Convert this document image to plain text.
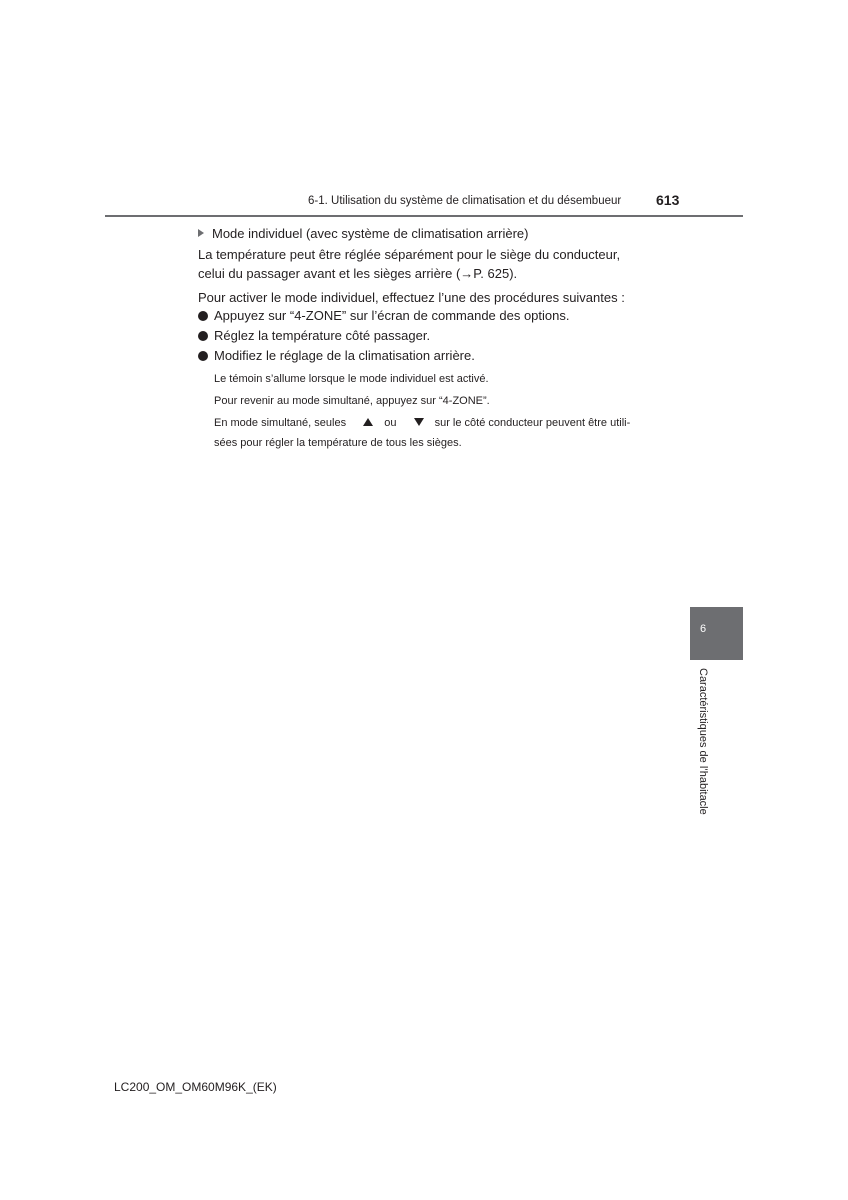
6-1. Utilisation du système de climatisation et du désembueur 613
Mode individuel (avec système de climatisation arrière)
La température peut être réglée séparément pour le siège du conducteur,
celui du passager avant et les sièges arrière (→P. 625).
Pour activer le mode individuel, effectuez l’une des procédures suivantes :
Appuyez sur “4-ZONE” sur l’écran de commande des options.
Réglez la température côté passager.
Modifiez le réglage de la climatisation arrière.
Le témoin s’allume lorsque le mode individuel est activé.
Pour revenir au mode simultané, appuyez sur “4-ZONE”.
En mode simultané, seules	ou	sur le côté conducteur peuvent être utili-
sées pour régler la température de tous les sièges.
6
Caractéristiques de l’habitacle
LC200_OM_OM60M96K_(EK)
